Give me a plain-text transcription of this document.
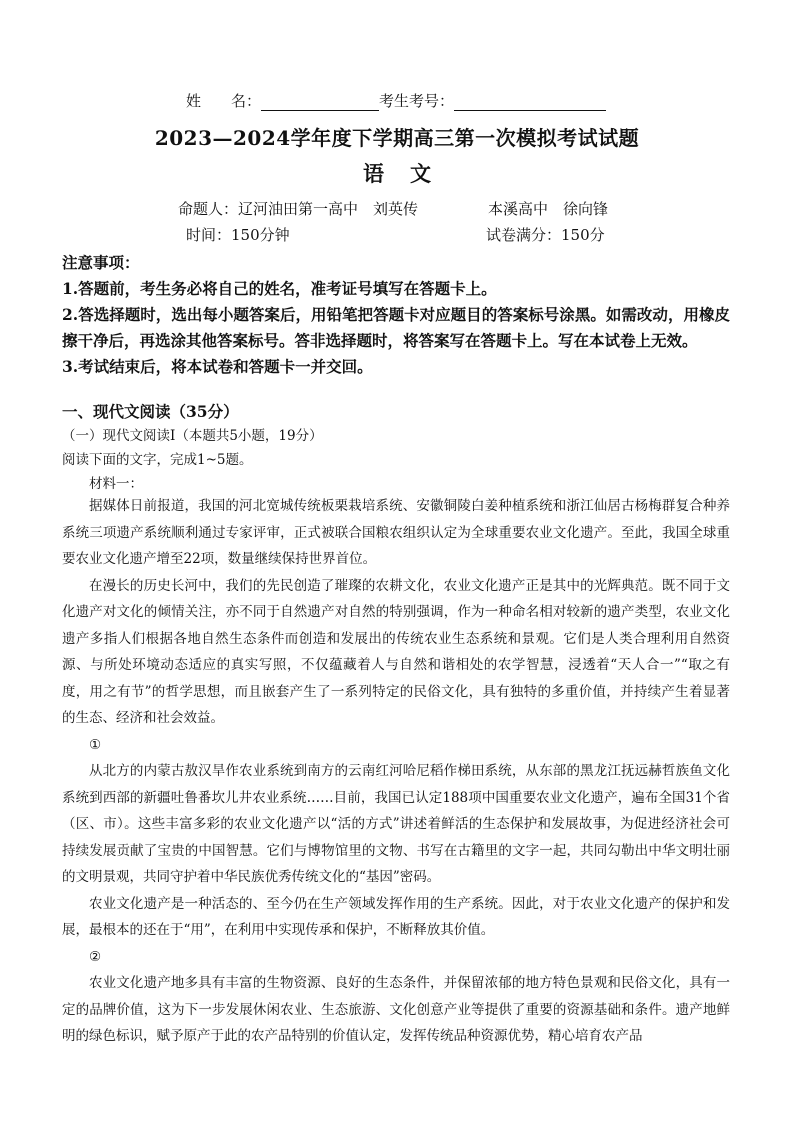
姓　　名：	考生考号：
2023—2024学年度下学期高三第一次模拟考试试题
语文
命题人：辽河油田第一高中　刘英传	本溪高中　徐向锋
时间：150分钟	试卷满分：150分

注意事项：

1.答题前，考生务必将自己的姓名，准考证号填写在答题卡上。

2.答选择题时，选出每小题答案后，用铅笔把答题卡对应题目的答案标号涂黑。如需改动，用橡皮擦干净后，再选涂其他答案标号。答非选择题时，将答案写在答题卡上。写在本试卷上无效。

3.考试结束后，将本试卷和答题卡一并交回。

一、现代文阅读（35分）
（一）现代文阅读Ⅰ（本题共5小题，19分）
阅读下面的文字，完成1~5题。
材料一：

据媒体日前报道，我国的河北宽城传统板栗栽培系统、安徽铜陵白姜种植系统和浙江仙居古杨梅群复合种养系统三项遗产系统顺利通过专家评审，正式被联合国粮农组织认定为全球重要农业文化遗产。至此，我国全球重要农业文化遗产增至22项，数量继续保持世界首位。

在漫长的历史长河中，我们的先民创造了璀璨的农耕文化，农业文化遗产正是其中的光辉典范。既不同于文化遗产对文化的倾情关注，亦不同于自然遗产对自然的特别强调，作为一种命名相对较新的遗产类型，农业文化遗产多指人们根据各地自然生态条件而创造和发展出的传统农业生态系统和景观。它们是人类合理利用自然资源、与所处环境动态适应的真实写照，不仅蕴藏着人与自然和谐相处的农学智慧，浸透着“天人合一”“取之有度，用之有节”的哲学思想，而且嵌套产生了一系列特定的民俗文化，具有独特的多重价值，并持续产生着显著的生态、经济和社会效益。

①

从北方的内蒙古敖汉旱作农业系统到南方的云南红河哈尼稻作梯田系统，从东部的黑龙江抚远赫哲族鱼文化系统到西部的新疆吐鲁番坎儿井农业系统……目前，我国已认定188项中国重要农业文化遗产，遍布全国31个省（区、市）。这些丰富多彩的农业文化遗产以“活的方式”讲述着鲜活的生态保护和发展故事，为促进经济社会可持续发展贡献了宝贵的中国智慧。它们与博物馆里的文物、书写在古籍里的文字一起，共同勾勒出中华文明壮丽的文明景观，共同守护着中华民族优秀传统文化的“基因”密码。

农业文化遗产是一种活态的、至今仍在生产领域发挥作用的生产系统。因此，对于农业文化遗产的保护和发展，最根本的还在于“用”，在利用中实现传承和保护，不断释放其价值。

②

农业文化遗产地多具有丰富的生物资源、良好的生态条件，并保留浓郁的地方特色景观和民俗文化，具有一定的品牌价值，这为下一步发展休闲农业、生态旅游、文化创意产业等提供了重要的资源基础和条件。遗产地鲜明的绿色标识，赋予原产于此的农产品特别的价值认定，发挥传统品种资源优势，精心培育农产品
